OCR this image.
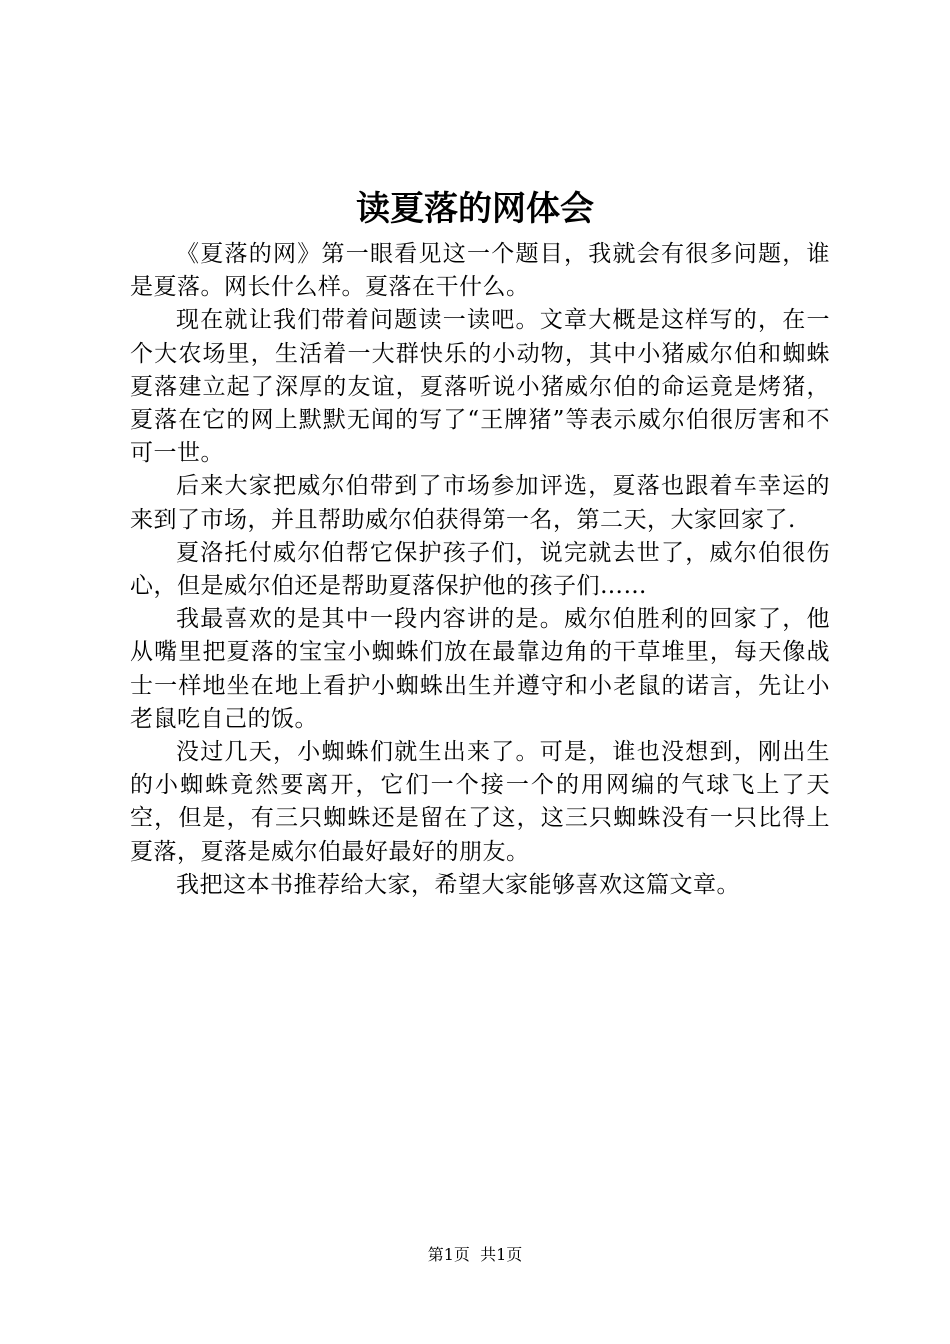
读夏落的网体会

《夏落的网》第一眼看见这一个题目，我就会有很多问题，谁是夏落。网长什么样。夏落在干什么。

现在就让我们带着问题读一读吧。文章大概是这样写的，在一个大农场里，生活着一大群快乐的小动物，其中小猪威尔伯和蜘蛛夏落建立起了深厚的友谊，夏落听说小猪威尔伯的命运竟是烤猪，夏落在它的网上默默无闻的写了“王牌猪”等表示威尔伯很厉害和不可一世。

后来大家把威尔伯带到了市场参加评选，夏落也跟着车幸运的来到了市场，并且帮助威尔伯获得第一名，第二天，大家回家了.

夏洛托付威尔伯帮它保护孩子们，说完就去世了，威尔伯很伤心，但是威尔伯还是帮助夏落保护他的孩子们……

我最喜欢的是其中一段内容讲的是。威尔伯胜利的回家了，他从嘴里把夏落的宝宝小蜘蛛们放在最靠边角的干草堆里，每天像战士一样地坐在地上看护小蜘蛛出生并遵守和小老鼠的诺言，先让小老鼠吃自己的饭。

没过几天，小蜘蛛们就生出来了。可是，谁也没想到，刚出生的小蜘蛛竟然要离开，它们一个接一个的用网编的气球飞上了天空，但是，有三只蜘蛛还是留在了这，这三只蜘蛛没有一只比得上夏落，夏落是威尔伯最好最好的朋友。

我把这本书推荐给大家，希望大家能够喜欢这篇文章。

第1页  共1页
